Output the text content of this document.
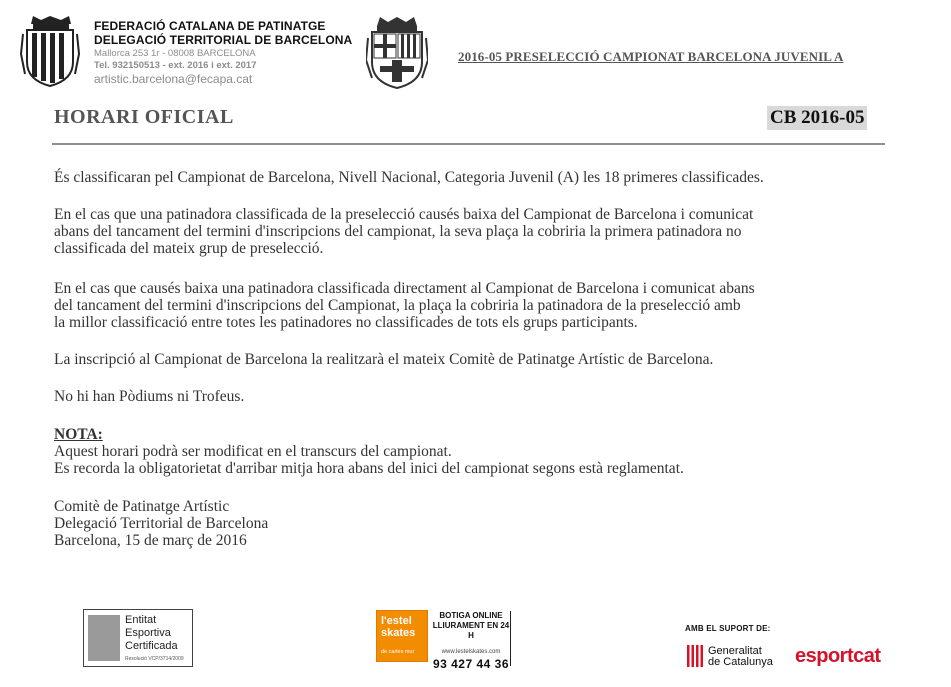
FEDERACIÓ CATALANA DE PATINATGE
DELEGACIÓ TERRITORIAL DE BARCELONA
Mallorca 253 1r - 08008 BARCELONA
Tel. 932150513 - ext. 2016 i ext. 2017
artistic.barcelona@fecapa.cat
2016-05 PRESELECCIÓ CAMPIONAT BARCELONA JUVENIL A
HORARI OFICIAL	CB 2016-05

És classificaran pel Campionat de Barcelona, Nivell Nacional, Categoria Juvenil (A) les 18 primeres classificades.

En el cas que una patinadora classificada de la preselecció causés baixa del Campionat de Barcelona i comunicat
abans del tancament del termini d'inscripcions del campionat, la seva plaça la cobriria la primera patinadora no
classificada del mateix grup de preselecció.

En el cas que causés baixa una patinadora classificada directament al Campionat de Barcelona i comunicat abans
del tancament del termini d'inscripcions del Campionat, la plaça la cobriria la patinadora de la preselecció amb
la millor classificació entre totes les patinadores no classificades de tots els grups participants.

La inscripció al Campionat de Barcelona la realitzarà el mateix Comitè de Patinatge Artístic de Barcelona.

No hi han Pòdiums ni Trofeus.

NOTA:
Aquest horari podrà ser modificat en el transcurs del campionat.
Es recorda la obligatorietat d'arribar mitja hora abans del inici del campionat segons està reglamentat.
Comitè de Patinatge Artístic
Delegació Territorial de Barcelona
Barcelona, 15 de març de 2016
Entitat
Esportiva
Certificada
Resolució VCP/3714/2009
l'estel
skates
de carles mur
BOTIGA ONLINE
LLIURAMENT EN 24 H
www.lestelskates.com
93 427 44 36
AMB EL SUPORT DE:
Generalitat
de Catalunya esportcat
